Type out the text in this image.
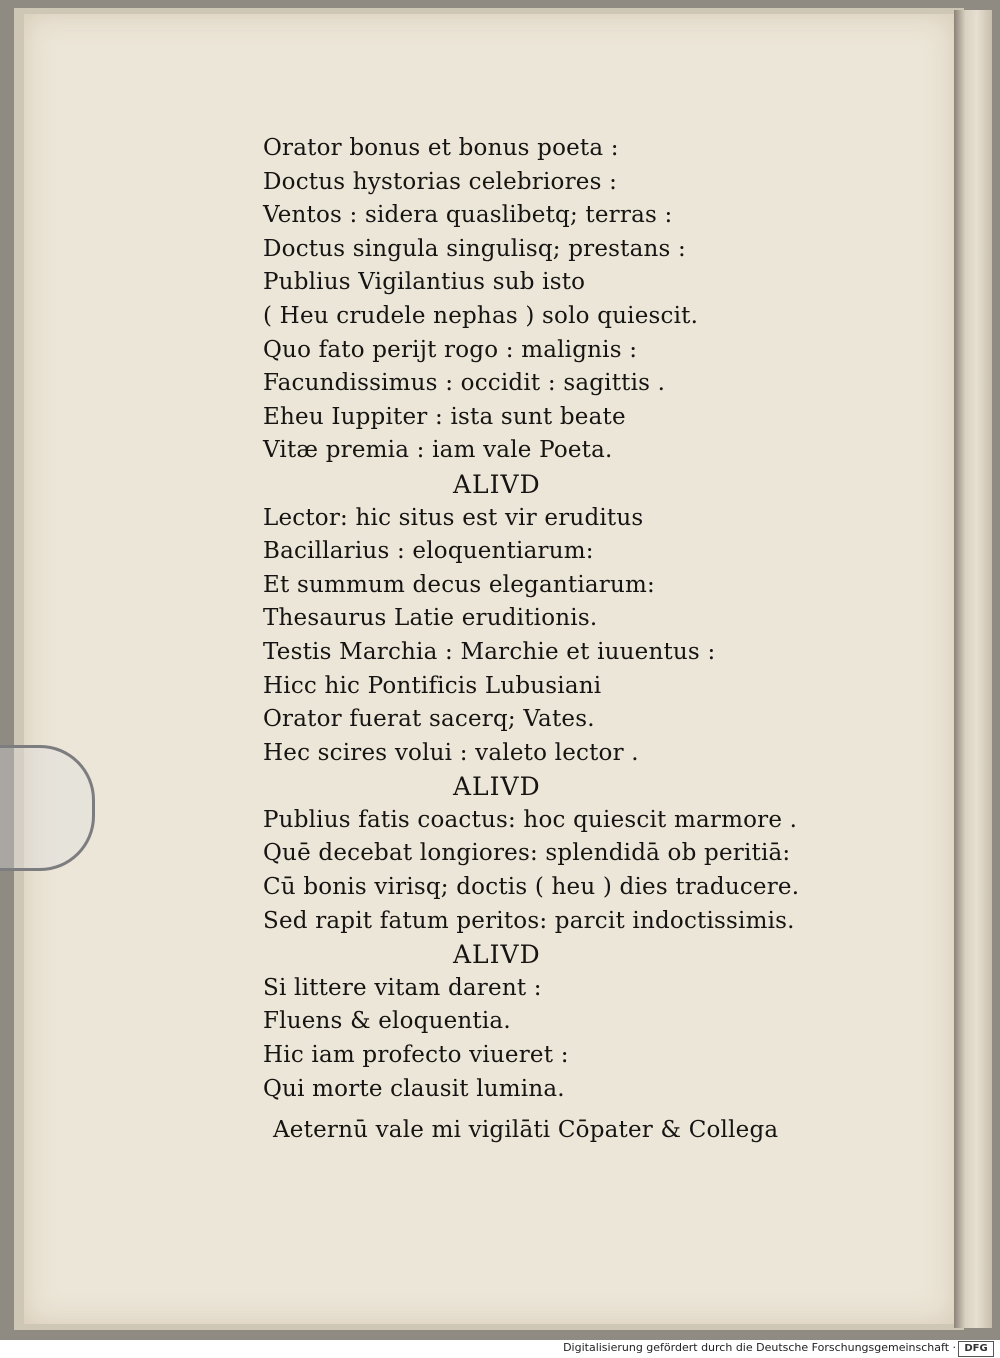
Orator bonus et bonus poeta :
Doctus hystorias celebriores :
Ventos : sidera quaslibetq; terras :
Doctus singula singulisq; prestans :
Publius Vigilantius sub isto
( Heu crudele nephas ) solo quiescit.
Quo fato perijt rogo : malignis :
Facundissimus : occidit : sagittis .
Eheu Iuppiter : ista sunt beate
Vitæ premia : iam vale Poeta.
ALIVD
Lector: hic situs est vir eruditus
Bacillarius : eloquentiarum:
Et summum decus elegantiarum:
Thesaurus Latie eruditionis.
Testis Marchia : Marchie et iuuentus :
Hicc hic Pontificis Lubusiani
Orator fuerat sacerq; Vates.
Hec scires volui : valeto lector .
ALIVD
Publius fatis coactus: hoc quiescit marmore .
Quē decebat longiores: splendidā ob peritiā:
Cū bonis virisq; doctis ( heu ) dies traducere.
Sed rapit fatum peritos: parcit indoctissimis.
ALIVD
Si littere vitam darent :
Fluens & eloquentia.
Hic iam profecto viueret :
Qui morte clausit lumina.
Aeternū vale mi vigilāti Cōpater & Collega
Digitalisierung gefördert durch die Deutsche Forschungsgemeinschaft · DFG
